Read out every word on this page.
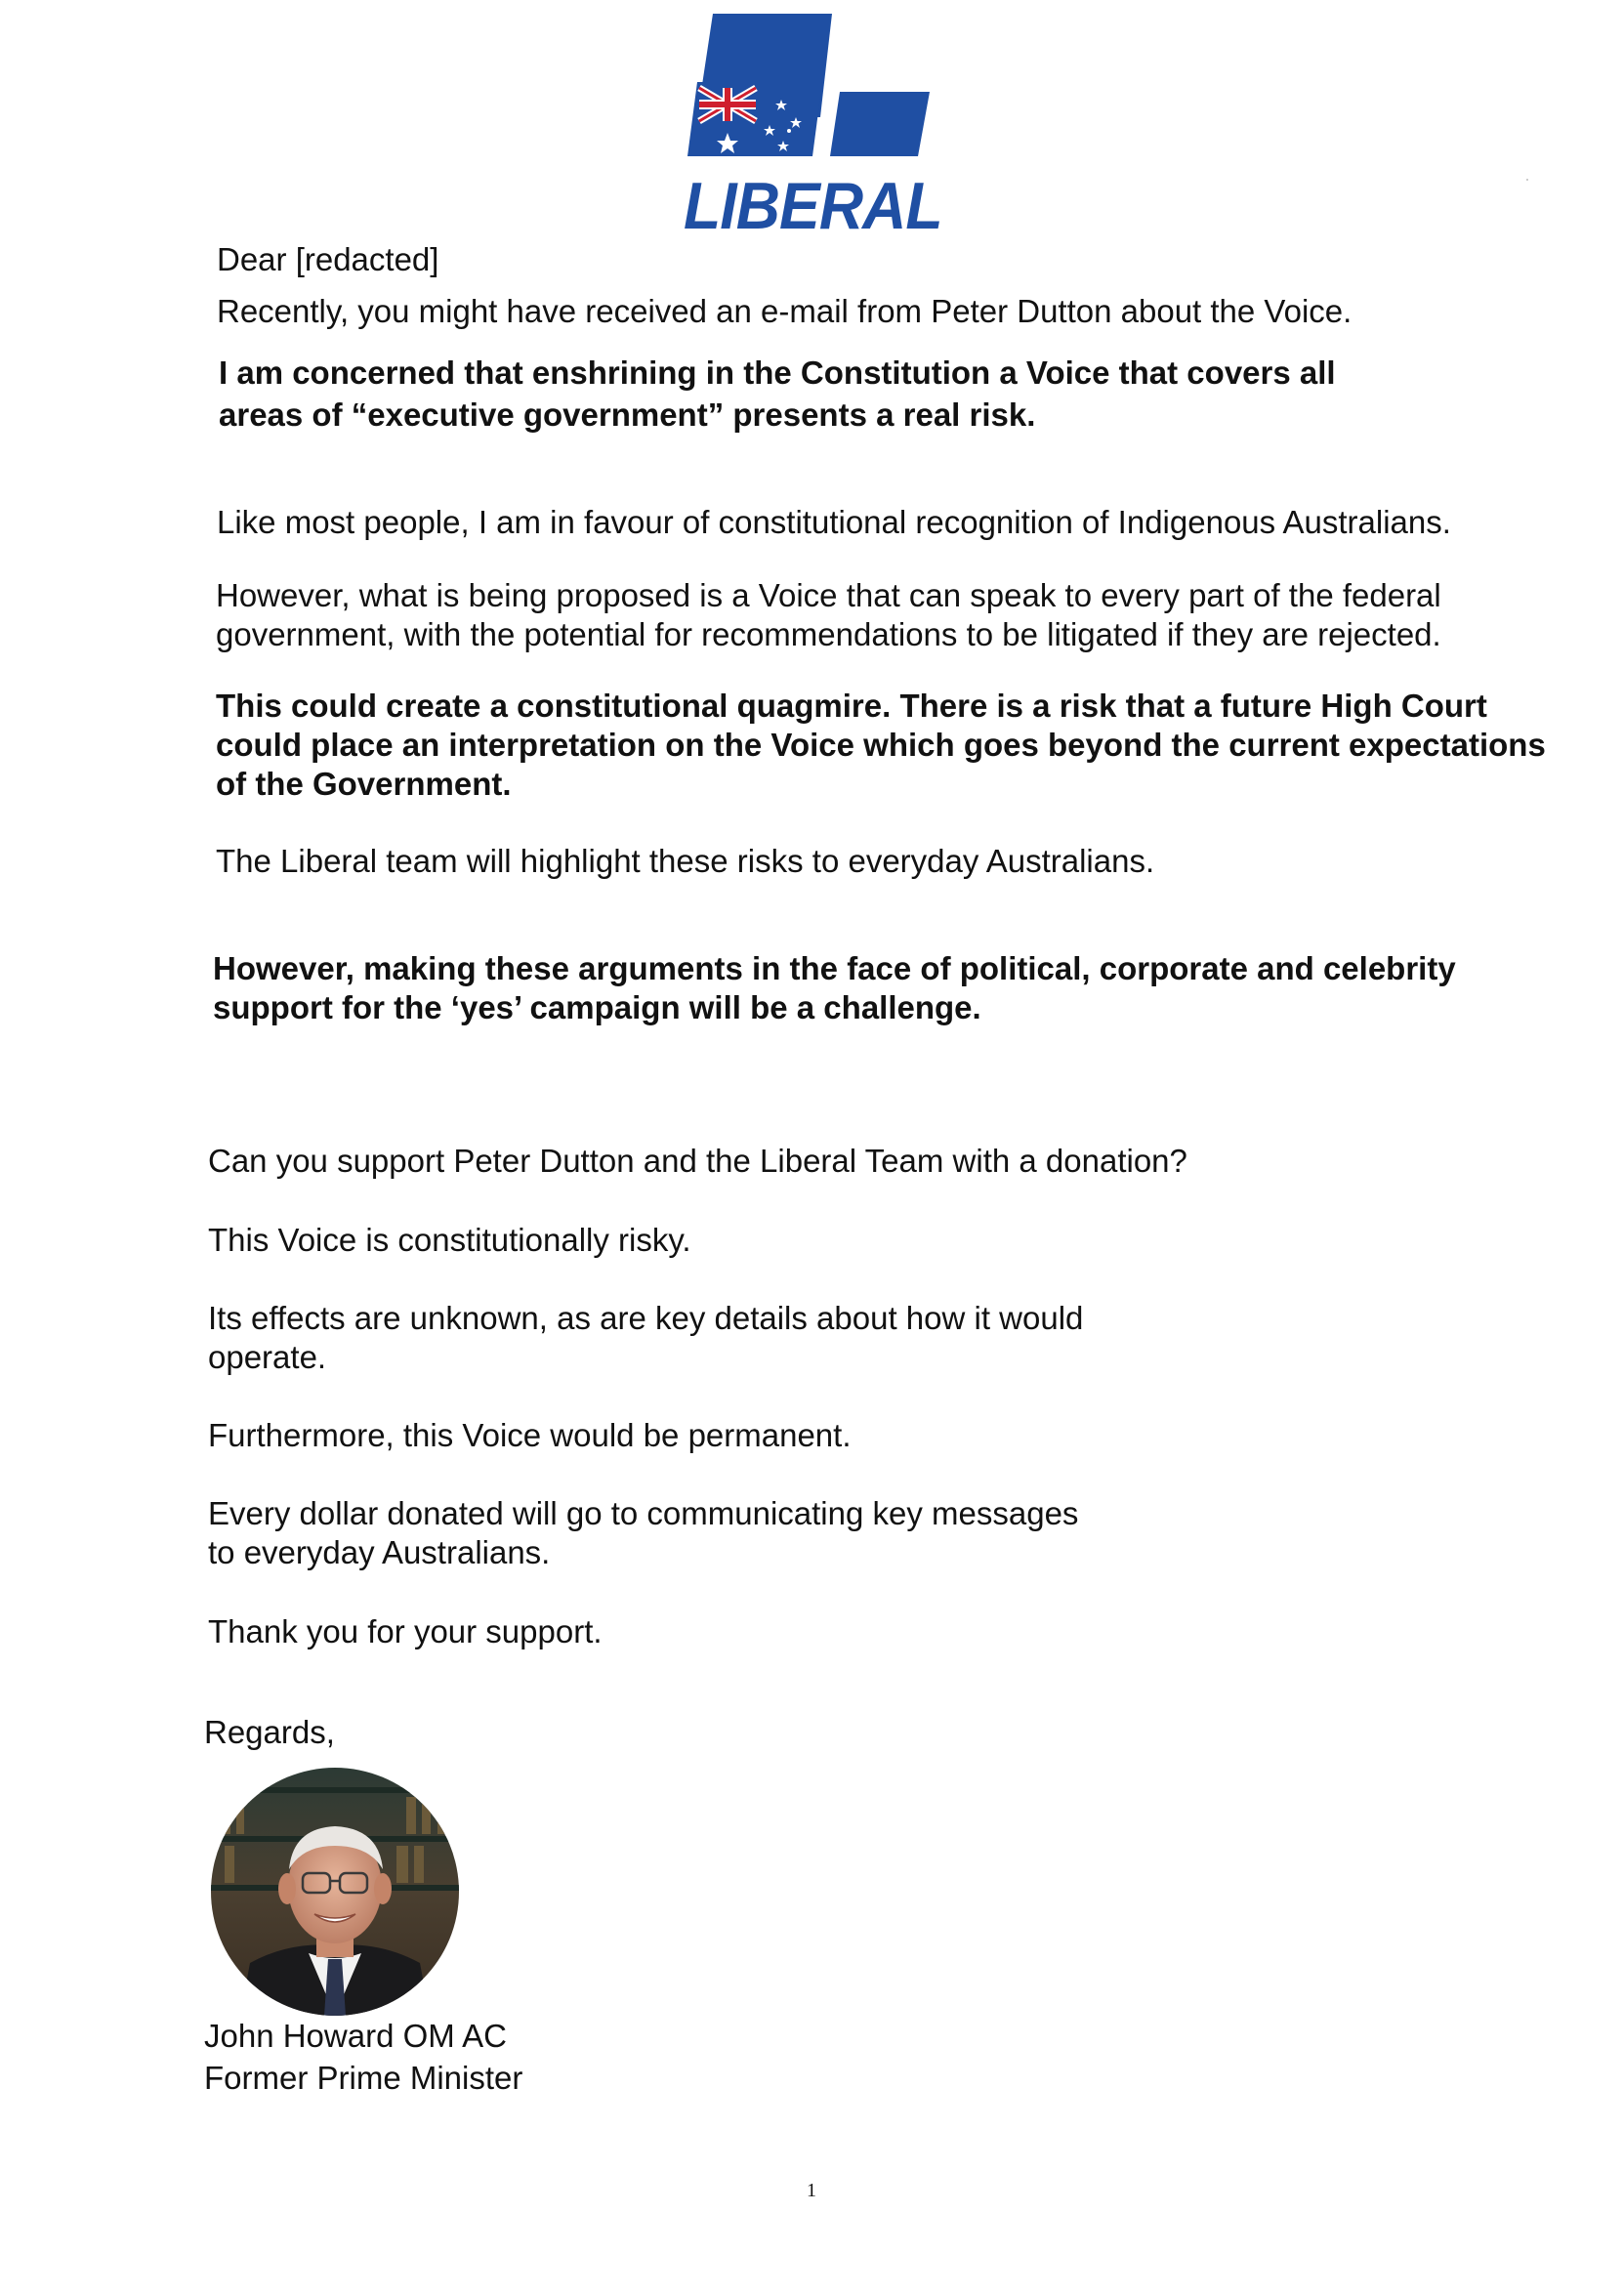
LIBERAL

Dear [redacted]

Recently, you might have received an e-mail from Peter Dutton about the Voice.

I am concerned that enshrining in the Constitution a Voice that covers all

areas of “executive government” presents a real risk.

Like most people, I am in favour of constitutional recognition of Indigenous Australians.

However, what is being proposed is a Voice that can speak to every part of the federal

government, with the potential for recommendations to be litigated if they are rejected.

This could create a constitutional quagmire. There is a risk that a future High Court

could place an interpretation on the Voice which goes beyond the current expectations

of the Government.

The Liberal team will highlight these risks to everyday Australians.

However, making these arguments in the face of political, corporate and celebrity

support for the ‘yes’ campaign will be a challenge.

Can you support Peter Dutton and the Liberal Team with a donation?

This Voice is constitutionally risky.

Its effects are unknown, as are key details about how it would

operate.

Furthermore, this Voice would be permanent.

Every dollar donated will go to communicating key messages

to everyday Australians.

Thank you for your support.

Regards,

John Howard OM AC

Former Prime Minister

1
